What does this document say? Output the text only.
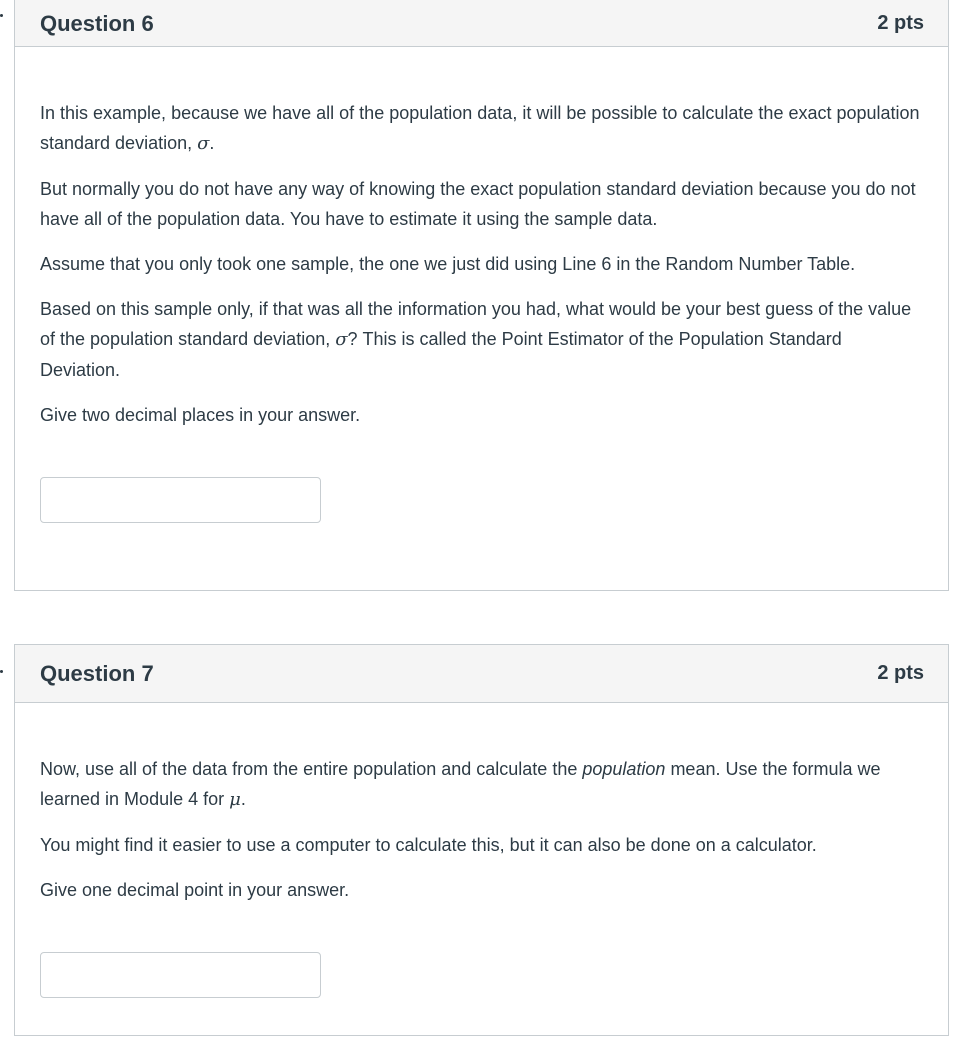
Question 6	2 pts

In this example, because we have all of the population data, it will be possible to calculate the exact population standard deviation, σ.

But normally you do not have any way of knowing the exact population standard deviation because you do not have all of the population data. You have to estimate it using the sample data.

Assume that you only took one sample, the one we just did using Line 6 in the Random Number Table.

Based on this sample only, if that was all the information you had, what would be your best guess of the value of the population standard deviation, σ? This is called the Point Estimator of the Population Standard Deviation.

Give two decimal places in your answer.

Question 7	2 pts

Now, use all of the data from the entire population and calculate the population mean. Use the formula we learned in Module 4 for μ.

You might find it easier to use a computer to calculate this, but it can also be done on a calculator.

Give one decimal point in your answer.
